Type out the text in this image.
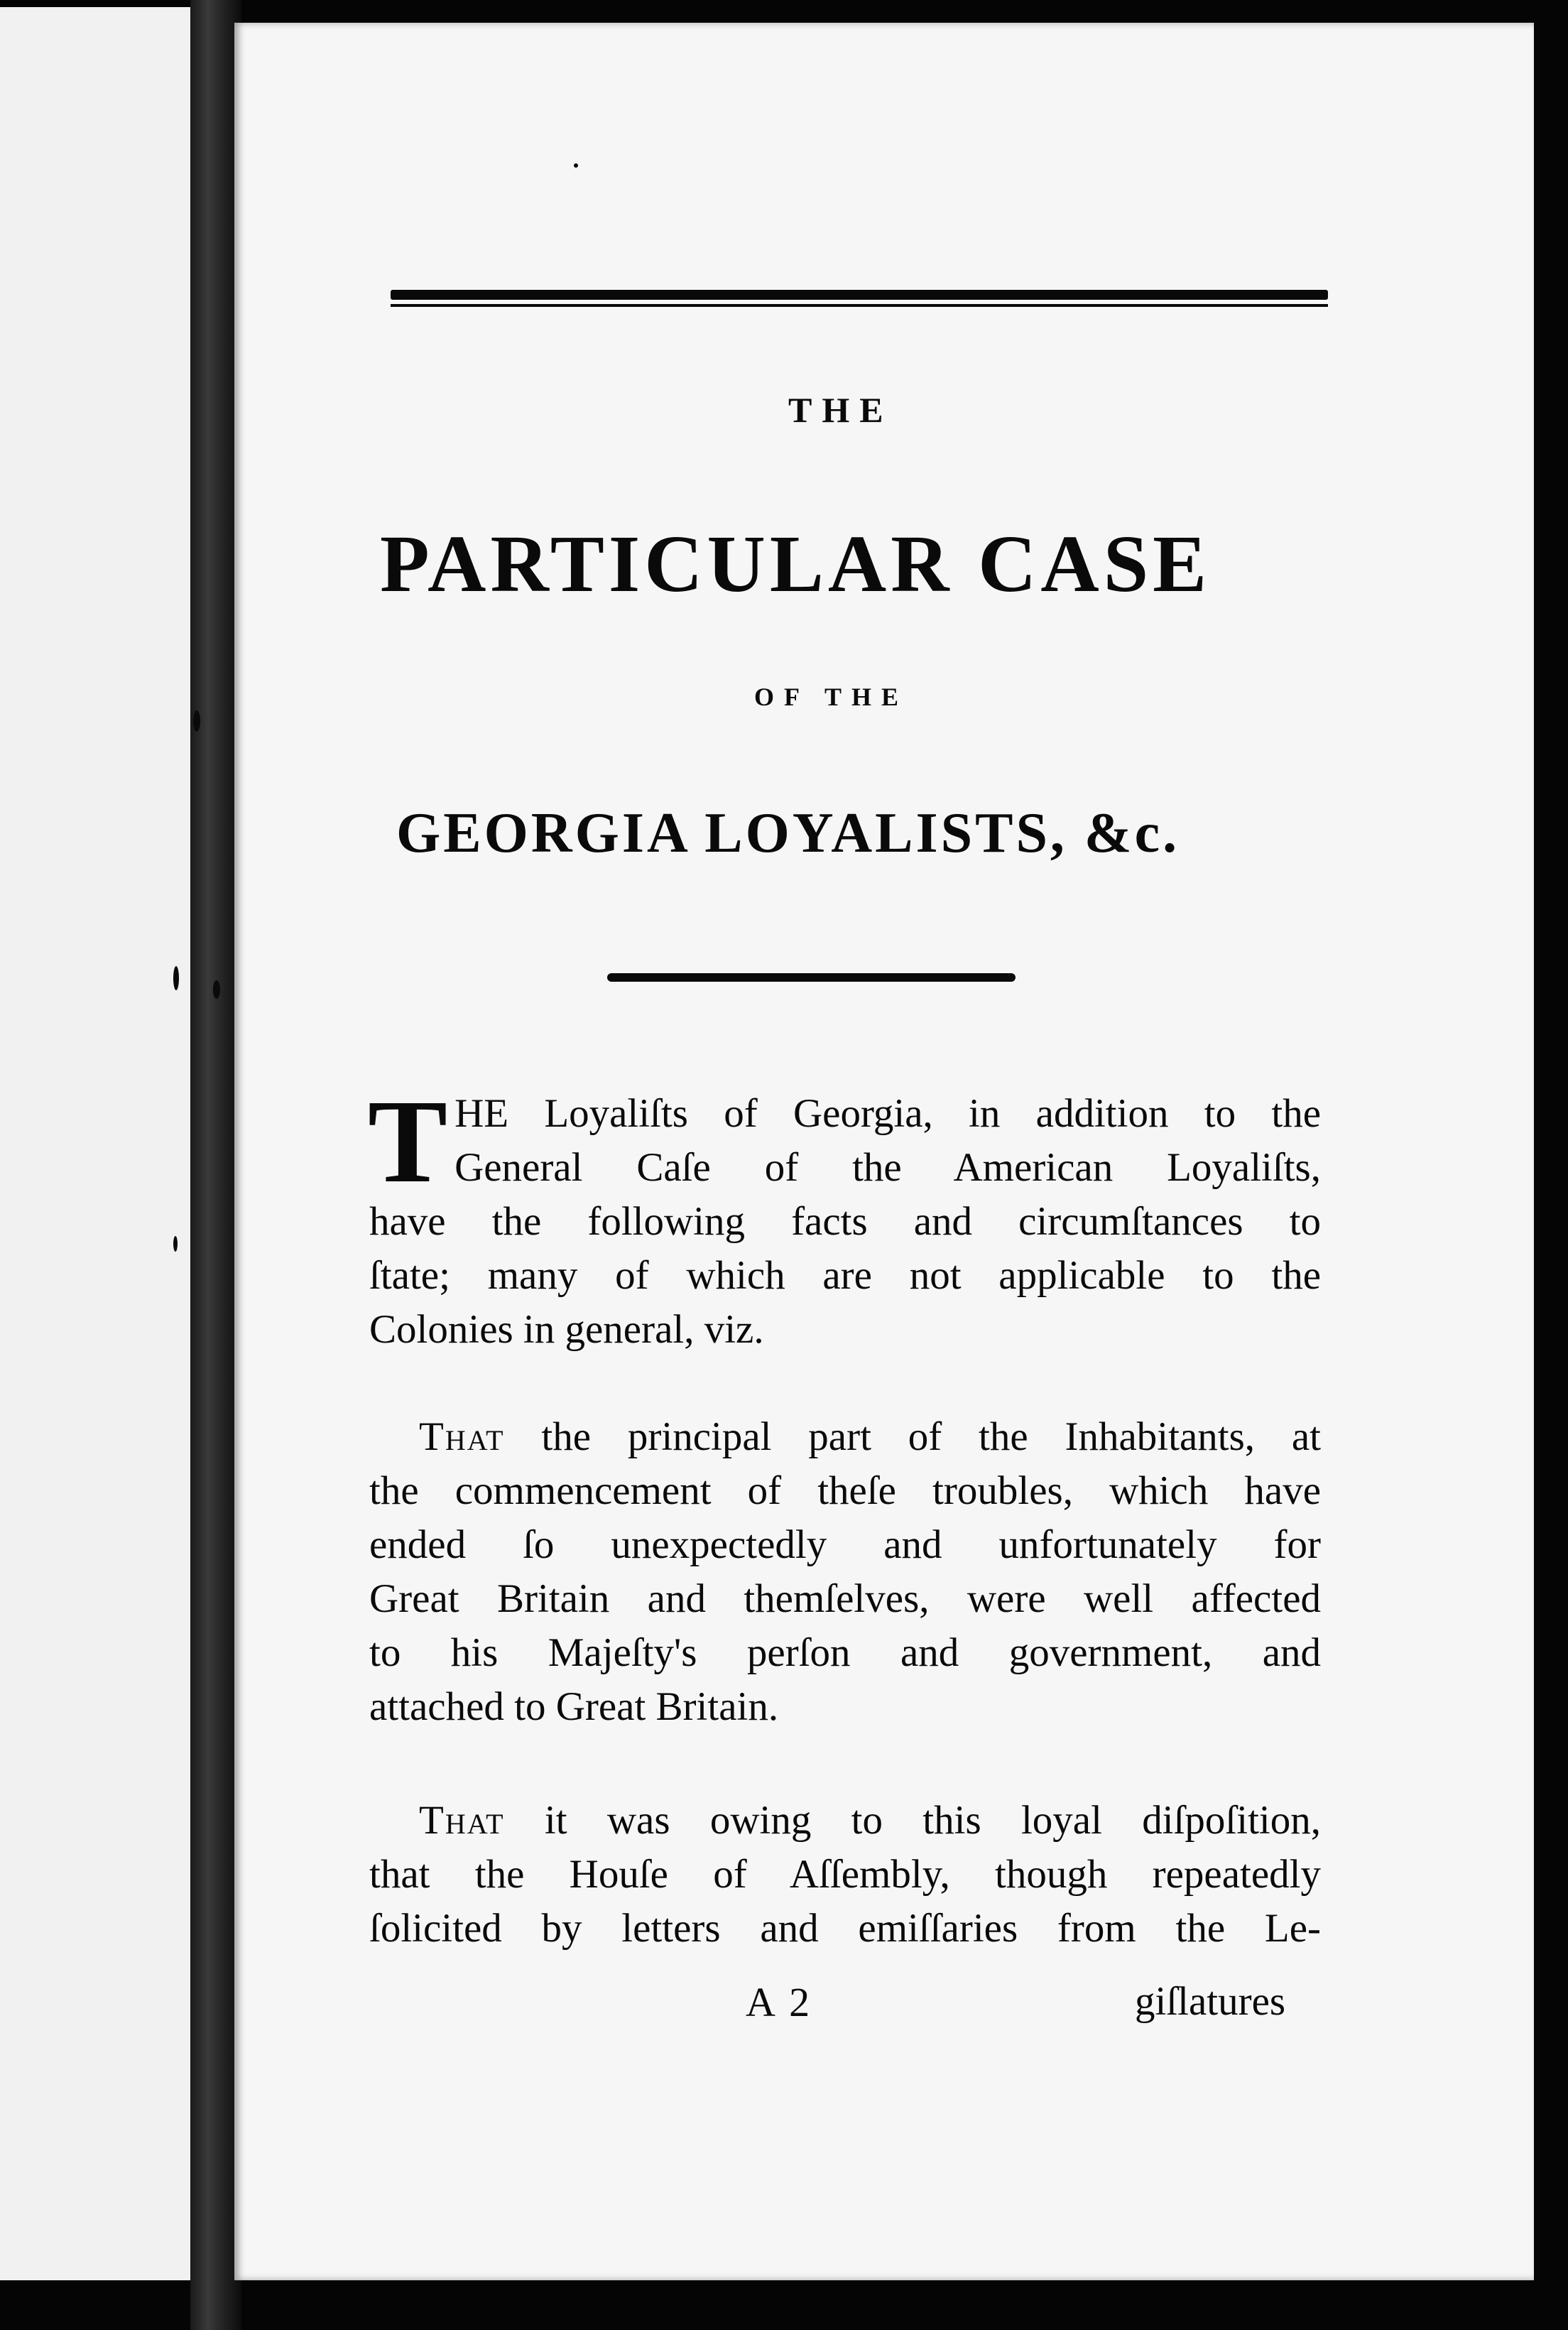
THE
PARTICULAR CASE
OF THE
GEORGIA LOYALISTS, &c.
T HE Loyaliſts of Georgia, in addition to the
General Caſe of the American Loyaliſts,
have the following facts and circumſtances to
ſtate; many of which are not applicable to the
Colonies in general, viz.
That the principal part of the Inhabitants, at
the commencement of theſe troubles, which have
ended ſo unexpectedly and unfortunately for
Great Britain and themſelves, were well affected
to his Majeſty's perſon and government, and
attached to Great Britain.
That it was owing to this loyal diſpoſition,
that the Houſe of Aſſembly, though repeatedly
ſolicited by letters and emiſſaries from the Le-
A 2	giſlatures
